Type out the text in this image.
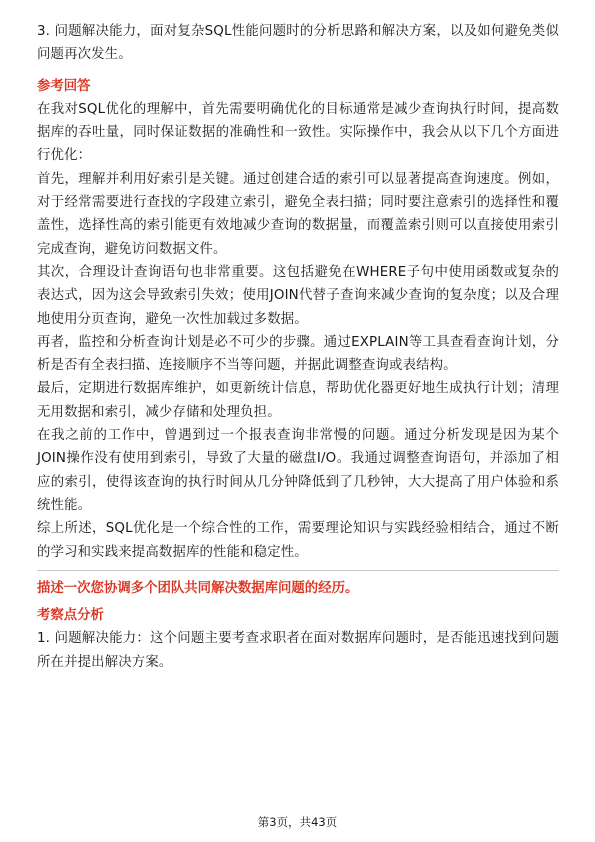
3. 问题解决能力，面对复杂SQL性能问题时的分析思路和解决方案，以及如何避免类似问题再次发生。

参考回答

在我对SQL优化的理解中，首先需要明确优化的目标通常是减少查询执行时间，提高数据库的吞吐量，同时保证数据的准确性和一致性。实际操作中，我会从以下几个方面进行优化：

首先，理解并利用好索引是关键。通过创建合适的索引可以显著提高查询速度。例如，对于经常需要进行查找的字段建立索引，避免全表扫描；同时要注意索引的选择性和覆盖性，选择性高的索引能更有效地减少查询的数据量，而覆盖索引则可以直接使用索引完成查询，避免访问数据文件。

其次，合理设计查询语句也非常重要。这包括避免在WHERE子句中使用函数或复杂的表达式，因为这会导致索引失效；使用JOIN代替子查询来减少查询的复杂度；以及合理地使用分页查询，避免一次性加载过多数据。

再者，监控和分析查询计划是必不可少的步骤。通过EXPLAIN等工具查看查询计划，分析是否有全表扫描、连接顺序不当等问题，并据此调整查询或表结构。

最后，定期进行数据库维护，如更新统计信息，帮助优化器更好地生成执行计划；清理无用数据和索引，减少存储和处理负担。

在我之前的工作中，曾遇到过一个报表查询非常慢的问题。通过分析发现是因为某个JOIN操作没有使用到索引，导致了大量的磁盘I/O。我通过调整查询语句，并添加了相应的索引，使得该查询的执行时间从几分钟降低到了几秒钟，大大提高了用户体验和系统性能。

综上所述，SQL优化是一个综合性的工作，需要理论知识与实践经验相结合，通过不断的学习和实践来提高数据库的性能和稳定性。

描述一次您协调多个团队共同解决数据库问题的经历。
考察点分析

1. 问题解决能力：这个问题主要考查求职者在面对数据库问题时，是否能迅速找到问题所在并提出解决方案。

第3页，共43页
